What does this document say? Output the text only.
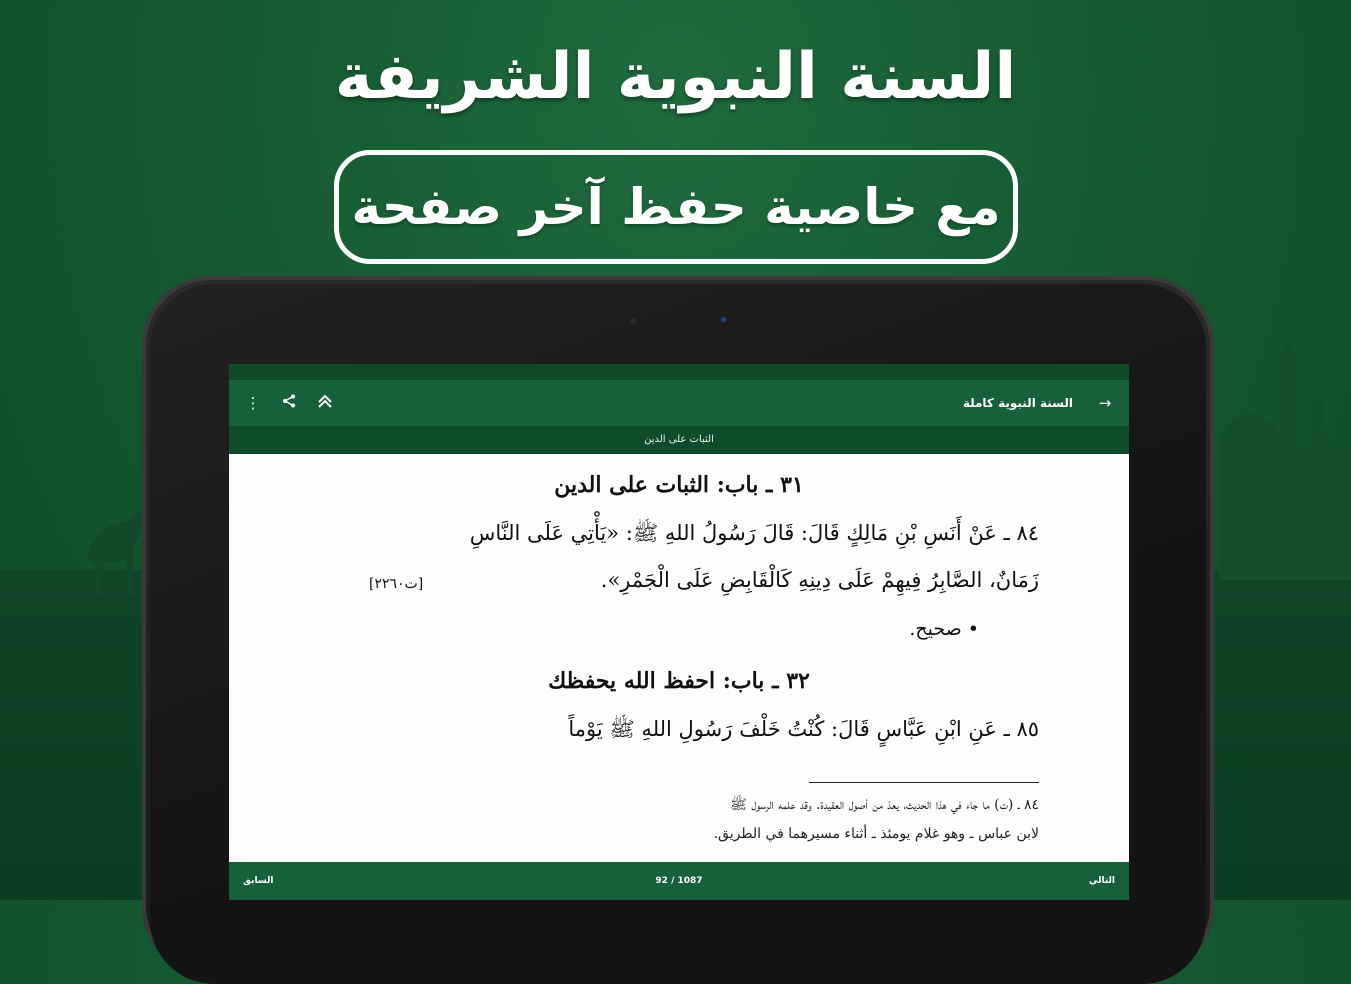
السنة النبوية الشريفة
مع خاصية حفظ آخر صفحة
⋮	→
السنة النبوية كاملة
الثبات على الدين
٣١ ـ باب: الثبات على الدين
٨٤ ـ عَنْ أَنَسِ بْنِ مَالِكٍ قَالَ: قَالَ رَسُولُ اللهِ ﷺ: «يَأْتِي عَلَى النَّاسِ
زَمَانٌ، الصَّابِرُ فِيهِمْ عَلَى دِينِهِ كَالْقَابِضِ عَلَى الْجَمْرِ».
[ت٢٢٦٠]
• صحيح.
٣٢ ـ باب: احفظ الله يحفظك
٨٥ ـ عَنِ ابْنِ عَبَّاسٍ قَالَ: كُنْتُ خَلْفَ رَسُولِ اللهِ ﷺ يَوْماً
٨٤ ـ (ت) ما جاء في هذا الحديث، يعدّ من أصول العقيدة. وقد علمه الرسول ﷺ
لابن عباس ـ وهو غلام يومئذ ـ أثناء مسيرهما في الطريق.
السابق	92 / 1087	التالي
